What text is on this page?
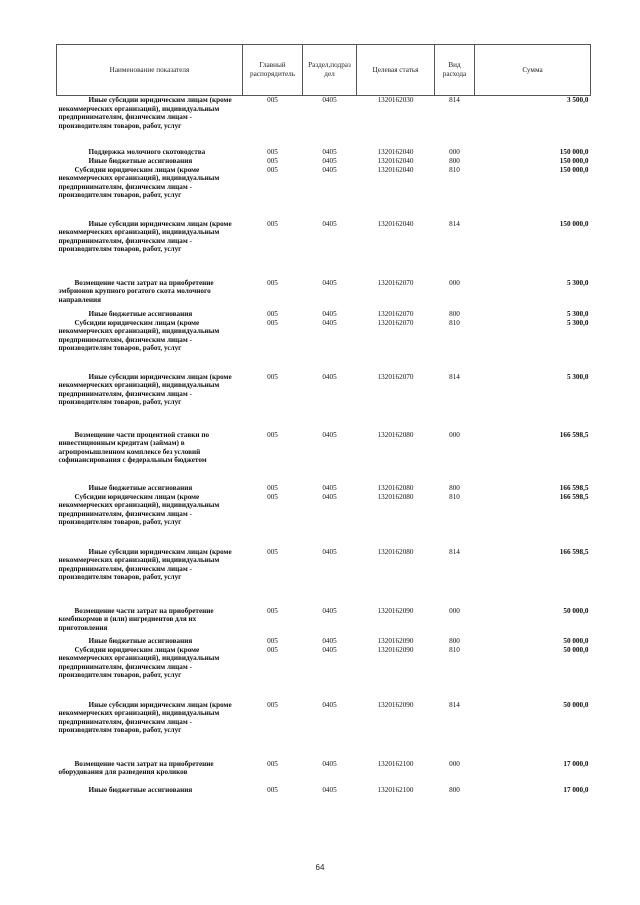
Наименование показателя	Главный распорядитель	Раздел,подраз дел	Целевая статья	Вид расхода	Сумма
Иные субсидии юридическим лицам (кроме некоммерческих организаций), индивидуальным предпринимателям, физическим лицам - производителям товаров, работ, услуг	005	0405	1320162030	814	3 500,0
Поддержка молочного скотоводства	005	0405	1320162040	000	150 000,0
Иные бюджетные ассигнования	005	0405	1320162040	800	150 000,0
Субсидии юридическим лицам (кроме некоммерческих организаций), индивидуальным предпринимателям, физическим лицам - производителям товаров, работ, услуг	005	0405	1320162040	810	150 000,0
Иные субсидии юридическим лицам (кроме некоммерческих организаций), индивидуальным предпринимателям, физическим лицам - производителям товаров, работ, услуг	005	0405	1320162040	814	150 000,0
Возмещение части затрат на приобретение эмбрионов крупного рогатого скота молочного направления	005	0405	1320162070	000	5 300,0
Иные бюджетные ассигнования	005	0405	1320162070	800	5 300,0
Субсидии юридическим лицам (кроме некоммерческих организаций), индивидуальным предпринимателям, физическим лицам - производителям товаров, работ, услуг	005	0405	1320162070	810	5 300,0
Иные субсидии юридическим лицам (кроме некоммерческих организаций), индивидуальным предпринимателям, физическим лицам - производителям товаров, работ, услуг	005	0405	1320162070	814	5 300,0
Возмещение части процентной ставки по инвестиционным кредитам (займам) в агропромышленном комплексе без условий софинансирования с федеральным бюджетом	005	0405	1320162080	000	166 598,5
Иные бюджетные ассигнования	005	0405	1320162080	800	166 598,5
Субсидии юридическим лицам (кроме некоммерческих организаций), индивидуальным предпринимателям, физическим лицам - производителям товаров, работ, услуг	005	0405	1320162080	810	166 598,5
Иные субсидии юридическим лицам (кроме некоммерческих организаций), индивидуальным предпринимателям, физическим лицам - производителям товаров, работ, услуг	005	0405	1320162080	814	166 598,5
Возмещение части затрат на приобретение комбикормов и (или) ингредиентов для их приготовления	005	0405	1320162090	000	50 000,0
Иные бюджетные ассигнования	005	0405	1320162090	800	50 000,0
Субсидии юридическим лицам (кроме некоммерческих организаций), индивидуальным предпринимателям, физическим лицам - производителям товаров, работ, услуг	005	0405	1320162090	810	50 000,0
Иные субсидии юридическим лицам (кроме некоммерческих организаций), индивидуальным предпринимателям, физическим лицам - производителям товаров, работ, услуг	005	0405	1320162090	814	50 000,0
Возмещение части затрат на приобретение оборудования для разведения кроликов	005	0405	1320162100	000	17 000,0
Иные бюджетные ассигнования	005	0405	1320162100	800	17 000,0
64
